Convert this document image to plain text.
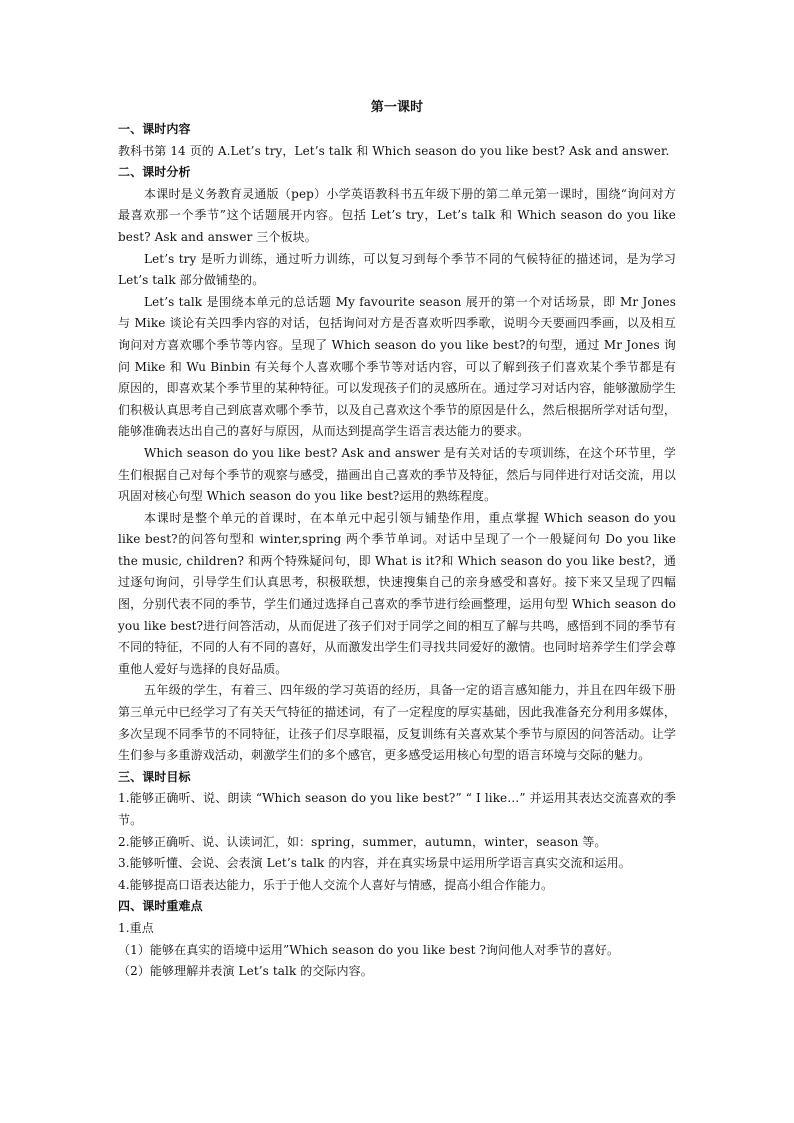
第一课时

一、课时内容

教科书第 14 页的 A.Let’s try，Let’s talk 和 Which season do you like best? Ask and answer.

二、课时分析

本课时是义务教育灵通版（pep）小学英语教科书五年级下册的第二单元第一课时，围绕“询问对方最喜欢那一个季节”这个话题展开内容。包括 Let’s try，Let’s talk 和 Which season do you like best? Ask and answer 三个板块。

Let’s try 是听力训练，通过听力训练，可以复习到每个季节不同的气候特征的描述词，是为学习 Let’s talk 部分做铺垫的。

Let’s talk 是围绕本单元的总话题 My favourite season 展开的第一个对话场景，即 Mr Jones 与 Mike 谈论有关四季内容的对话，包括询问对方是否喜欢听四季歌，说明今天要画四季画，以及相互询问对方喜欢哪个季节等内容。呈现了 Which season do you like best?的句型，通过 Mr Jones 询问 Mike 和 Wu Binbin 有关每个人喜欢哪个季节等对话内容，可以了解到孩子们喜欢某个季节都是有原因的，即喜欢某个季节里的某种特征。可以发现孩子们的灵感所在。通过学习对话内容，能够激励学生们积极认真思考自己到底喜欢哪个季节，以及自己喜欢这个季节的原因是什么，然后根据所学对话句型，能够准确表达出自己的喜好与原因，从而达到提高学生语言表达能力的要求。

Which season do you like best? Ask and answer 是有关对话的专项训练，在这个环节里，学生们根据自己对每个季节的观察与感受，描画出自己喜欢的季节及特征，然后与同伴进行对话交流，用以巩固对核心句型 Which season do you like best?运用的熟练程度。

本课时是整个单元的首课时，在本单元中起引领与铺垫作用，重点掌握 Which season do you like best?的问答句型和 winter,spring 两个季节单词。对话中呈现了一个一般疑问句 Do you like the music, children? 和两个特殊疑问句，即 What is it?和 Which season do you like best?，通过逐句询问，引导学生们认真思考，积极联想，快速搜集自己的亲身感受和喜好。接下来又呈现了四幅图，分别代表不同的季节，学生们通过选择自己喜欢的季节进行绘画整理，运用句型 Which season do you like best?进行问答活动，从而促进了孩子们对于同学之间的相互了解与共鸣，感悟到不同的季节有不同的特征，不同的人有不同的喜好，从而激发出学生们寻找共同爱好的激情。也同时培养学生们学会尊重他人爱好与选择的良好品质。

五年级的学生，有着三、四年级的学习英语的经历，具备一定的语言感知能力，并且在四年级下册第三单元中已经学习了有关天气特征的描述词，有了一定程度的厚实基础，因此我准备充分利用多媒体，多次呈现不同季节的不同特征，让孩子们尽享眼福，反复训练有关喜欢某个季节与原因的问答活动。让学生们参与多重游戏活动，刺激学生们的多个感官，更多感受运用核心句型的语言环境与交际的魅力。

三、课时目标

1.能够正确听、说、朗读 “Which season do you like best?” “ I like…” 并运用其表达交流喜欢的季节。

2.能够正确听、说、认读词汇，如：spring，summer，autumn，winter，season 等。

3.能够听懂、会说、会表演 Let’s talk 的内容，并在真实场景中运用所学语言真实交流和运用。

4.能够提高口语表达能力，乐于于他人交流个人喜好与情感，提高小组合作能力。

四、课时重难点

1.重点

（1）能够在真实的语境中运用”Which season do you like best ?询问他人对季节的喜好。

（2）能够理解并表演 Let’s talk 的交际内容。
